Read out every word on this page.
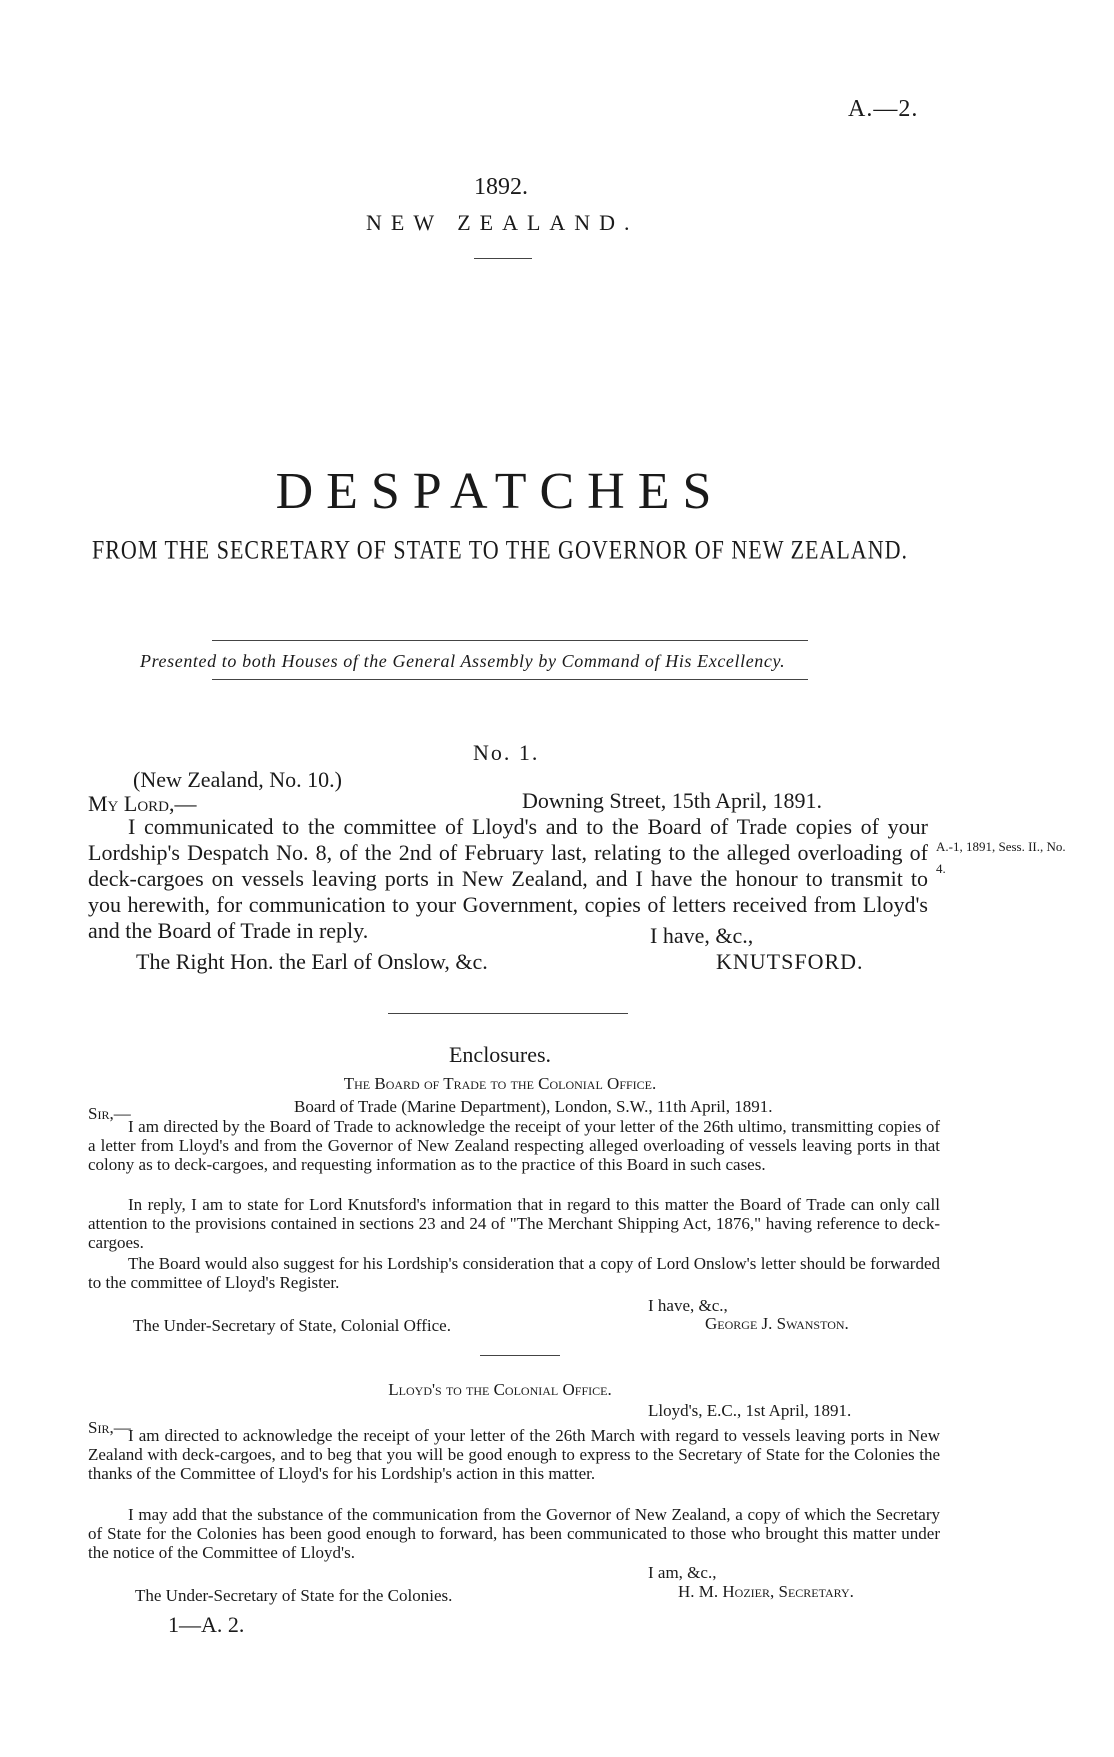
A.—2.
1892.
NEW ZEALAND.
DESPATCHES
FROM THE SECRETARY OF STATE TO THE GOVERNOR OF NEW ZEALAND.
Presented to both Houses of the General Assembly by Command of His Excellency.
No. 1.
(New Zealand, No. 10.)
My Lord,—	Downing Street, 15th April, 1891.
I communicated to the committee of Lloyd's and to the Board of Trade copies of your Lordship's Despatch No. 8, of the 2nd of February last, relating to the alleged overloading of deck-cargoes on vessels leaving ports in New Zealand, and I have the honour to transmit to you herewith, for communication to your Government, copies of letters received from Lloyd's and the Board of Trade in reply.
A.-1, 1891, Sess. II., No. 4.
I have, &c.,
The Right Hon. the Earl of Onslow, &c.	KNUTSFORD.
Enclosures.
The Board of Trade to the Colonial Office.
Sir,—	Board of Trade (Marine Department), London, S.W., 11th April, 1891.
I am directed by the Board of Trade to acknowledge the receipt of your letter of the 26th ultimo, transmitting copies of a letter from Lloyd's and from the Governor of New Zealand respecting alleged overloading of vessels leaving ports in that colony as to deck-cargoes, and requesting information as to the practice of this Board in such cases.
In reply, I am to state for Lord Knutsford's information that in regard to this matter the Board of Trade can only call attention to the provisions contained in sections 23 and 24 of "The Merchant Shipping Act, 1876," having reference to deck-cargoes.
The Board would also suggest for his Lordship's consideration that a copy of Lord Onslow's letter should be forwarded to the committee of Lloyd's Register.
I have, &c.,
The Under-Secretary of State, Colonial Office.	George J. Swanston.
Lloyd's to the Colonial Office.
Lloyd's, E.C., 1st April, 1891.
Sir,—
I am directed to acknowledge the receipt of your letter of the 26th March with regard to vessels leaving ports in New Zealand with deck-cargoes, and to beg that you will be good enough to express to the Secretary of State for the Colonies the thanks of the Committee of Lloyd's for his Lordship's action in this matter.
I may add that the substance of the communication from the Governor of New Zealand, a copy of which the Secretary of State for the Colonies has been good enough to forward, has been communicated to those who brought this matter under the notice of the Committee of Lloyd's.
I am, &c.,
The Under-Secretary of State for the Colonies.	H. M. Hozier, Secretary.
1—A. 2.
